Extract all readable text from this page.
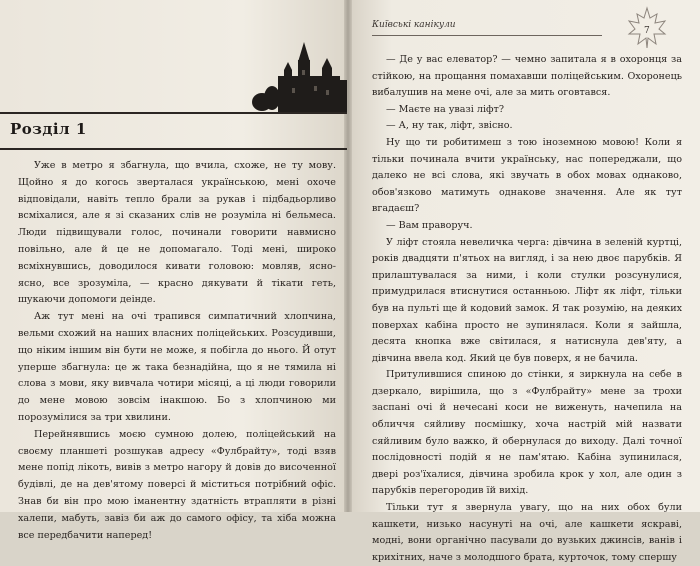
Розділ 1

Уже в метро я збагнула, що вчила, схоже, не ту мову. Щойно я до когось зверталася українською, мені охоче відповідали, навіть тепло брали за рукав і підбадьорливо всміхалися, але я зі сказаних слів не розуміла ні бельмеса. Люди підвищували голос, починали говорити навмисно повільно, але й це не допомагало. Тоді мені, широко всміхнувшись, доводилося кивати головою: мовляв, ясно-ясно, все зрозуміла, — красно дякувати й тікати геть, шукаючи допомоги деінде.

Аж тут мені на очі трапився симпатичний хлопчина, вельми схожий на наших власних поліцейських. Розсудивши, що ніким іншим він бути не може, я побігла до нього. Й отут уперше збагнула: це ж така безнадійна, що я не тямила ні слова з мови, яку вивчала чотири місяці, а ці люди говорили до мене мовою зовсім інакшою. Бо з хлопчиною ми порозумілися за три хвилини.

Перейнявшись моєю сумною долею, поліцейський на своєму планшеті розшукав адресу «Фулбрайту», тоді взяв мене попід лікоть, вивів з метро нагору й довів до височенної будівлі, де на дев'ятому поверсі й міститься потрібний офіс. Знав би він про мою іманентну здатність втрапляти в різні халепи, мабуть, завіз би аж до самого офісу, та хіба можна все передбачити наперед!

Київські канікули
7

— Де у вас елеватор? — чемно запитала я в охоронця за стійкою, на прощання помахавши поліцейським. Охоронець вибалушив на мене очі, але за мить оговтався.

— Маєте на увазі ліфт?

— А, ну так, ліфт, звісно.

Ну що ти робитимеш з тою іноземною мовою! Коли я тільки починала вчити українську, нас попереджали, що далеко не всі слова, які звучать в обох мовах однаково, обов'язково матимуть однакове значення. Але як тут вгадаєш?

— Вам праворуч.

У ліфт стояла невеличка черга: дівчина в зеленій куртці, років двадцяти п'ятьох на вигляд, і за нею двоє парубків. Я прилаштувалася за ними, і коли стулки розсунулися, примудрилася втиснутися останньою. Ліфт як ліфт, тільки був на пульті ще й кодовий замок. Я так розумію, на деяких поверхах кабіна просто не зупинялася. Коли я зайшла, десята кнопка вже світилася, я натиснула дев'яту, а дівчина ввела код. Який це був поверх, я не бачила.

Притулившися спиною до стінки, я зиркнула на себе в дзеркало, вирішила, що з «Фулбрайту» мене за трохи заспані очі й нечесані коси не виженуть, начепила на обличчя сяйливу посмішку, хоча настрій мій назвати сяйливим було важко, й обернулася до виходу. Далі точної послідовності подій я не пам'ятаю. Кабіна зупинилася, двері роз'їхалися, дівчина зробила крок у хол, але один з парубків перегородив їй вихід.

Тільки тут я звернула увагу, що на них обох були кашкети, низько насунуті на очі, але кашкети яскраві, модні, вони органічно пасували до вузьких джинсів, ванів і крихітних, наче з молодшого брата, курточок, тому спершу
